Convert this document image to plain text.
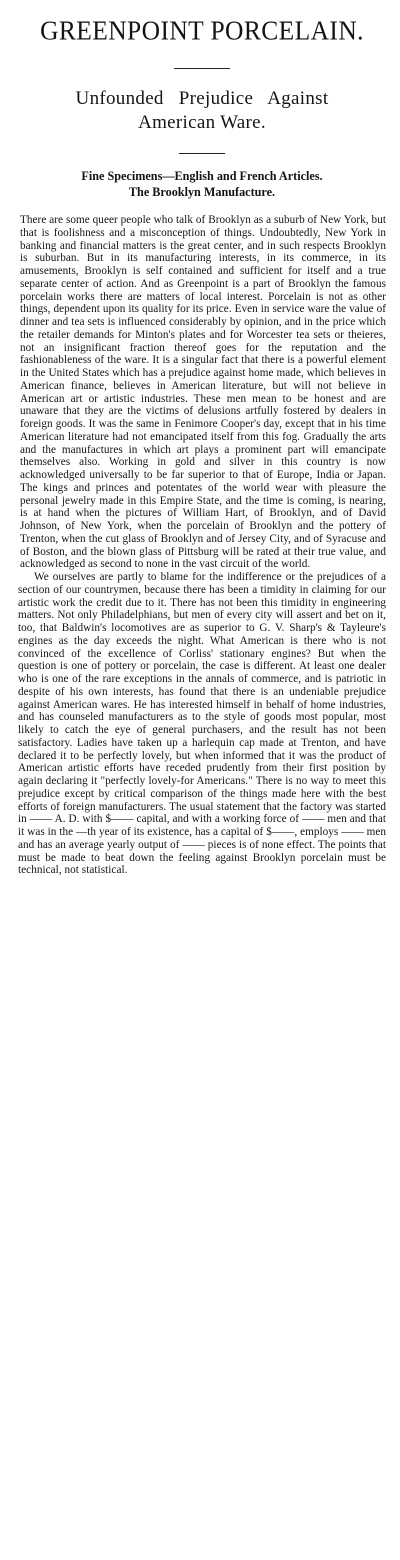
GREENPOINT PORCELAIN.
Unfounded Prejudice Against
American Ware.
Fine Specimens—English and French Articles.
The Brooklyn Manufacture.

There are some queer people who talk of Brooklyn as a suburb of New York, but that is foolishness and a misconception of things. Undoubtedly, New York in banking and financial matters is the great center, and in such respects Brooklyn is suburban. But in its manufacturing interests, in its commerce, in its amusements, Brooklyn is self contained and sufficient for itself and a true separate center of action. And as Greenpoint is a part of Brooklyn the famous porcelain works there are matters of local interest. Porcelain is not as other things, dependent upon its quality for its price. Even in service ware the value of dinner and tea sets is influenced considerably by opinion, and in the price which the retailer demands for Minton's plates and for Worcester tea sets or theieres, not an insignificant fraction thereof goes for the reputation and the fashionableness of the ware. It is a singular fact that there is a powerful element in the United States which has a prejudice against home made, which believes in American finance, believes in American literature, but will not believe in American art or artistic industries. These men mean to be honest and are unaware that they are the victims of delusions artfully fostered by dealers in foreign goods. It was the same in Fenimore Cooper's day, except that in his time American literature had not emancipated itself from this fog. Gradually the arts and the manufactures in which art plays a prominent part will emancipate themselves also. Working in gold and silver in this country is now acknowledged universally to be far superior to that of Europe, India or Japan. The kings and princes and potentates of the world wear with pleasure the personal jewelry made in this Empire State, and the time is coming, is nearing, is at hand when the pictures of William Hart, of Brooklyn, and of David Johnson, of New York, when the porcelain of Brooklyn and the pottery of Trenton, when the cut glass of Brooklyn and of Jersey City, and of Syracuse and of Boston, and the blown glass of Pittsburg will be rated at their true value, and acknowledged as second to none in the vast circuit of the world.

We ourselves are partly to blame for the indifference or the prejudices of a section of our countrymen, because there has been a timidity in claiming for our artistic work the credit due to it. There has not been this timidity in engineering matters. Not only Philadelphians, but men of every city will assert and bet on it, too, that Baldwin's locomotives are as superior to G. V. Sharp's & Tayleure's engines as the day exceeds the night. What American is there who is not convinced of the excellence of Corliss' stationary engines? But when the question is one of pottery or porcelain, the case is different. At least one dealer who is one of the rare exceptions in the annals of commerce, and is patriotic in despite of his own interests, has found that there is an undeniable prejudice against American wares. He has interested himself in behalf of home industries, and has counseled manufacturers as to the style of goods most popular, most likely to catch the eye of general purchasers, and the result has not been satisfactory. Ladies have taken up a harlequin cap made at Trenton, and have declared it to be perfectly lovely, but when informed that it was the product of American artistic efforts have receded prudently from their first position by again declaring it "perfectly lovely-for Americans." There is no way to meet this prejudice except by critical comparison of the things made here with the best efforts of foreign manufacturers. The usual statement that the factory was started in —— A. D. with $—— capital, and with a working force of —— men and that it was in the —th year of its existence, has a capital of $——, employs —— men and has an average yearly output of —— pieces is of none effect. The points that must be made to beat down the feeling against Brooklyn porcelain must be technical, not statistical.
